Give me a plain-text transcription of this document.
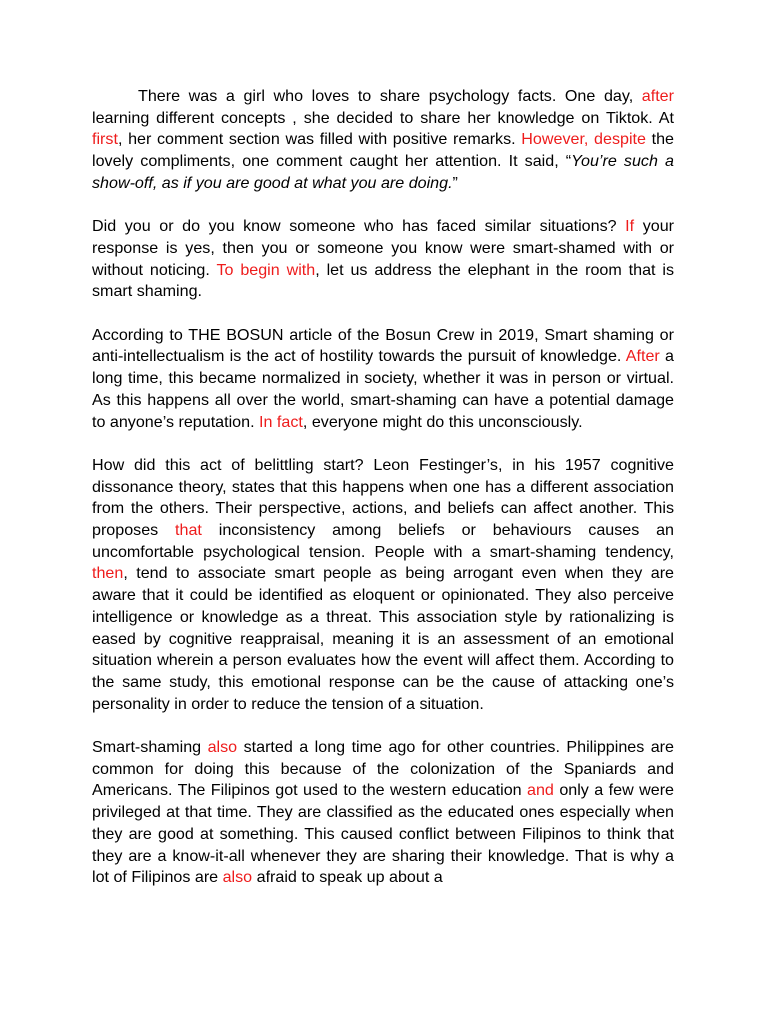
There was a girl who loves to share psychology facts. One day, after learning different concepts , she decided to share her knowledge on Tiktok. At first, her comment section was filled with positive remarks. However, despite the lovely compliments, one comment caught her attention. It said, “You’re such a show-off, as if you are good at what you are doing.”

Did you or do you know someone who has faced similar situations? If your response is yes, then you or someone you know were smart-shamed with or without noticing. To begin with, let us address the elephant in the room that is smart shaming.

According to THE BOSUN article of the Bosun Crew in 2019, Smart shaming or anti-intellectualism is the act of hostility towards the pursuit of knowledge. After a long time, this became normalized in society, whether it was in person or virtual. As this happens all over the world, smart-shaming can have a potential damage to anyone’s reputation. In fact, everyone might do this unconsciously.

How did this act of belittling start? Leon Festinger’s, in his 1957 cognitive dissonance theory, states that this happens when one has a different association from the others. Their perspective, actions, and beliefs can affect another. This proposes that inconsistency among beliefs or behaviours causes an uncomfortable psychological tension. People with a smart-shaming tendency, then, tend to associate smart people as being arrogant even when they are aware that it could be identified as eloquent or opinionated. They also perceive intelligence or knowledge as a threat. This association style by rationalizing is eased by cognitive reappraisal, meaning it is an assessment of an emotional situation wherein a person evaluates how the event will affect them. According to the same study, this emotional response can be the cause of attacking one’s personality in order to reduce the tension of a situation.

Smart-shaming also started a long time ago for other countries. Philippines are common for doing this because of the colonization of the Spaniards and Americans. The Filipinos got used to the western education and only a few were privileged at that time. They are classified as the educated ones especially when they are good at something. This caused conflict between Filipinos to think that they are a know-it-all whenever they are sharing their knowledge. That is why a lot of Filipinos are also afraid to speak up about a
